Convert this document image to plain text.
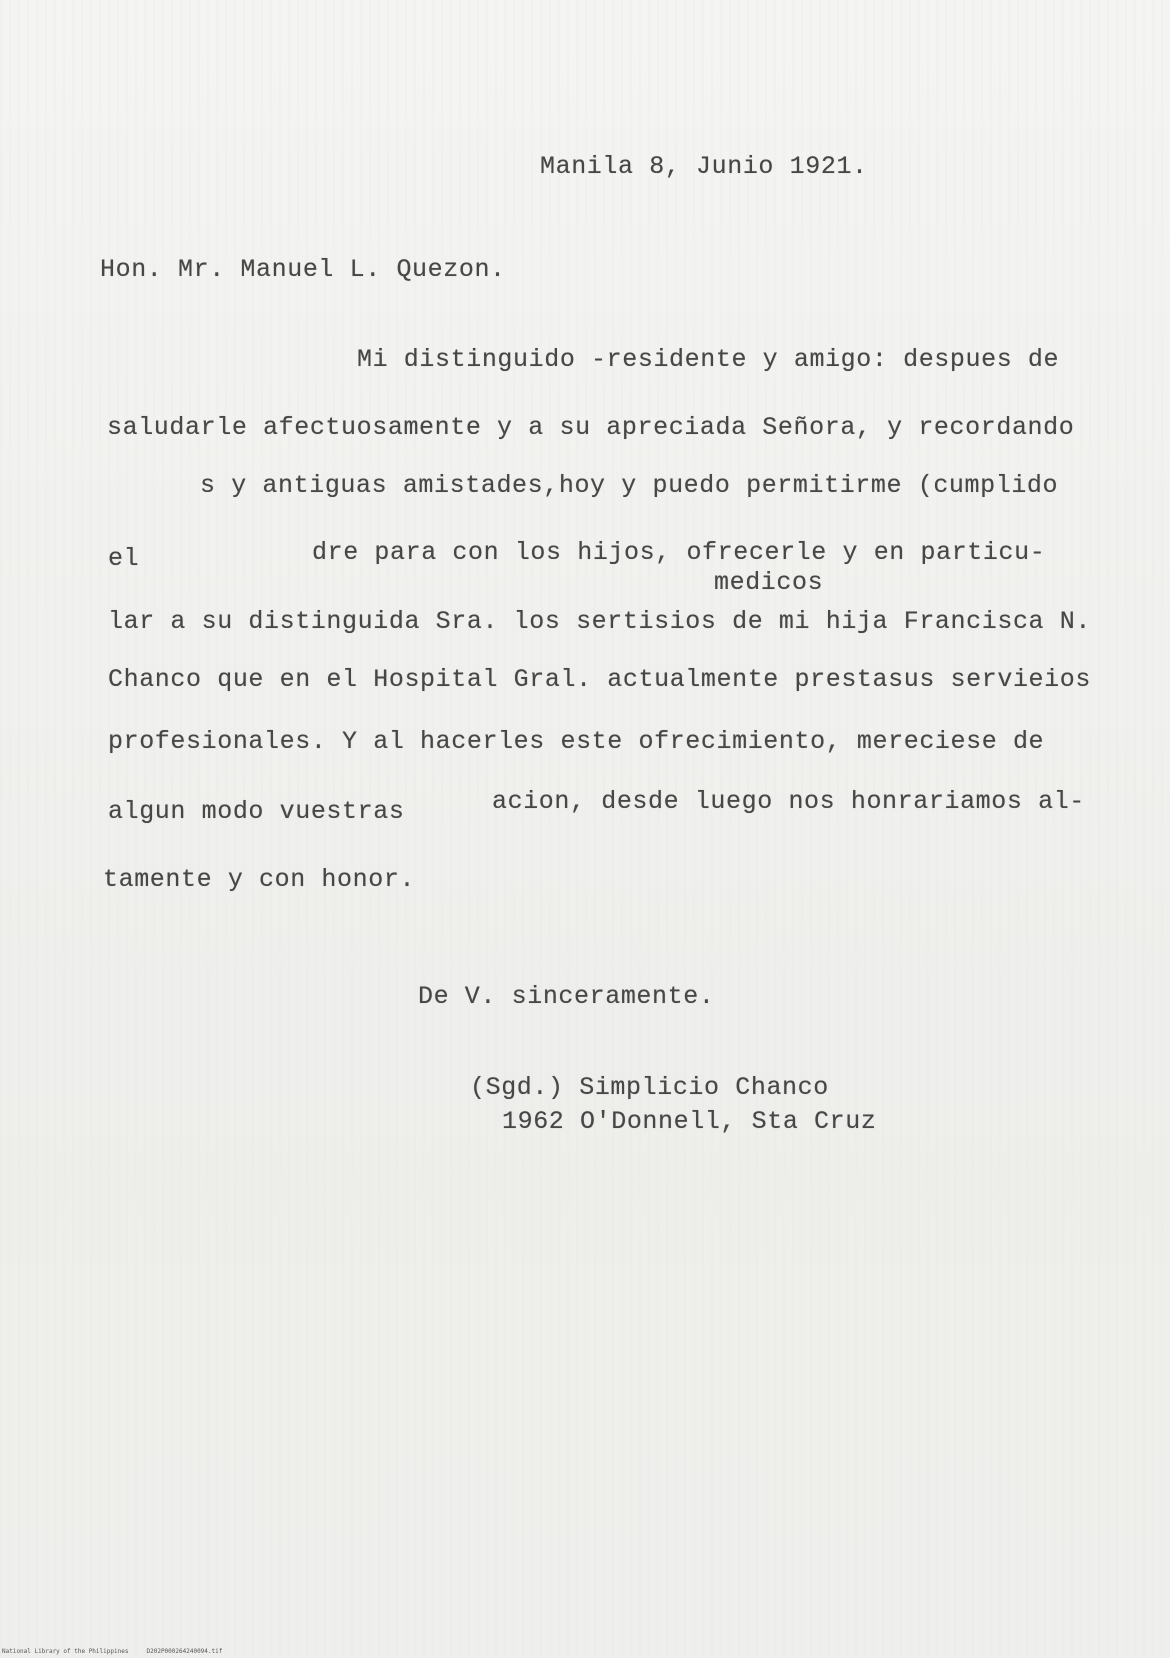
Manila 8, Junio 1921.
Hon. Mr. Manuel L. Quezon.
Mi distinguido -residente y amigo: despues de
saludarle afectuosamente y a su apreciada Señora, y recordando
s y antiguas amistades,hoy y puedo permitirme (cumplido
el	dre para con los hijos, ofrecerle y en particu-
medicos
lar a su distinguida Sra. los sertisios de mi hija Francisca N.
Chanco que en el Hospital Gral. actualmente prestasus servieios
profesionales. Y al hacerles este ofrecimiento, mereciese de
algun modo vuestras	acion, desde luego nos honrariamos al-
tamente y con honor.
De V. sinceramente.
(Sgd.) Simplicio Chanco
1962 O'Donnell, Sta Cruz
National Library of the Philippines	D202P000264240094.tif
